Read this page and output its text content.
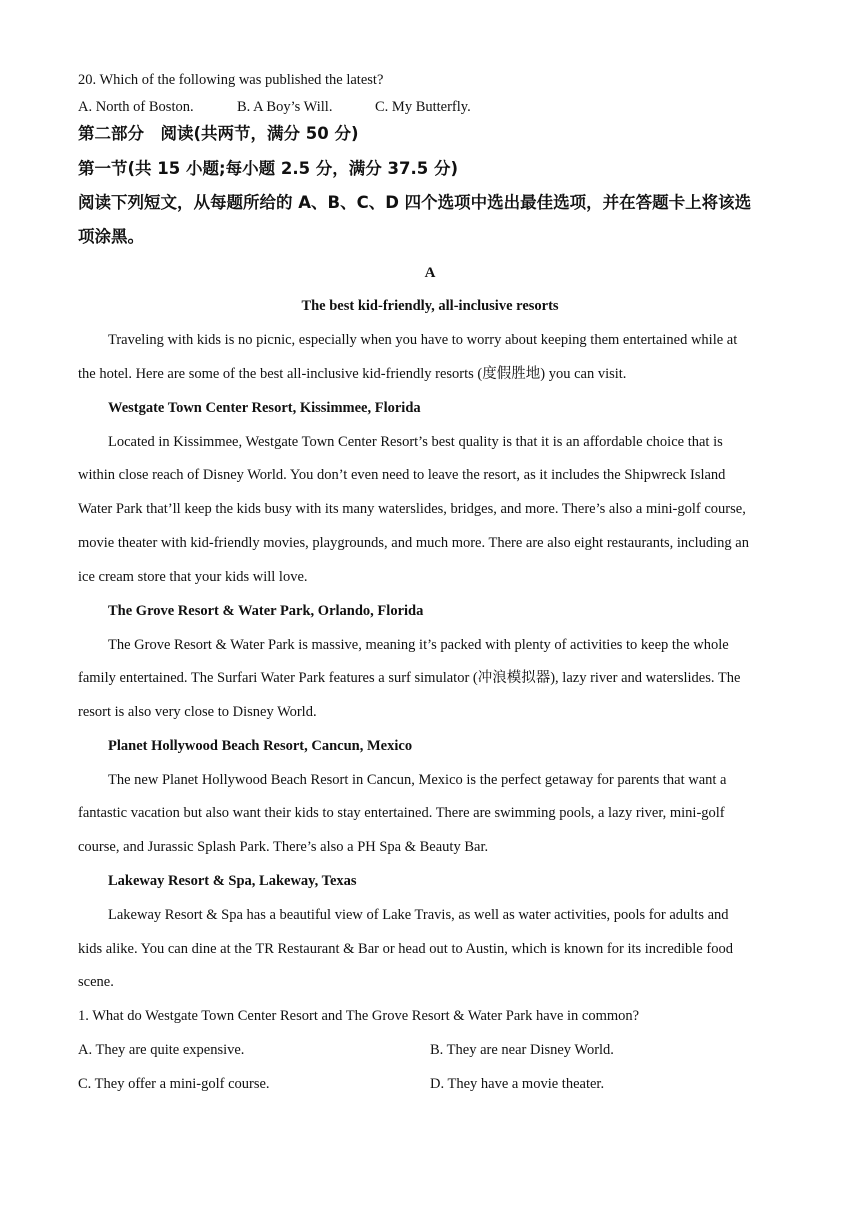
20. Which of the following was published the latest?
A. North of Boston.	B. A Boy’s Will.	C. My Butterfly.
第二部分　阅读(共两节，满分 50 分)
第一节(共 15 小题;每小题 2.5 分，满分 37.5 分)
阅读下列短文，从每题所给的 A、B、C、D 四个选项中选出最佳选项，并在答题卡上将该选
项涂黑。
A
The best kid-friendly, all-inclusive resorts
Traveling with kids is no picnic, especially when you have to worry about keeping them entertained while at
the hotel. Here are some of the best all-inclusive kid-friendly resorts (度假胜地) you can visit.
Westgate Town Center Resort, Kissimmee, Florida
Located in Kissimmee, Westgate Town Center Resort’s best quality is that it is an affordable choice that is
within close reach of Disney World. You don’t even need to leave the resort, as it includes the Shipwreck Island
Water Park that’ll keep the kids busy with its many waterslides, bridges, and more. There’s also a mini-golf course,
movie theater with kid-friendly movies, playgrounds, and much more. There are also eight restaurants, including an
ice cream store that your kids will love.
The Grove Resort & Water Park, Orlando, Florida
The Grove Resort & Water Park is massive, meaning it’s packed with plenty of activities to keep the whole
family entertained. The Surfari Water Park features a surf simulator (冲浪模拟器), lazy river and waterslides. The
resort is also very close to Disney World.
Planet Hollywood Beach Resort, Cancun, Mexico
The new Planet Hollywood Beach Resort in Cancun, Mexico is the perfect getaway for parents that want a
fantastic vacation but also want their kids to stay entertained. There are swimming pools, a lazy river, mini-golf
course, and Jurassic Splash Park. There’s also a PH Spa & Beauty Bar.
Lakeway Resort & Spa, Lakeway, Texas
Lakeway Resort & Spa has a beautiful view of Lake Travis, as well as water activities, pools for adults and
kids alike. You can dine at the TR Restaurant & Bar or head out to Austin, which is known for its incredible food
scene.
1. What do Westgate Town Center Resort and The Grove Resort & Water Park have in common?
A. They are quite expensive.	B. They are near Disney World.
C. They offer a mini-golf course.	D. They have a movie theater.
